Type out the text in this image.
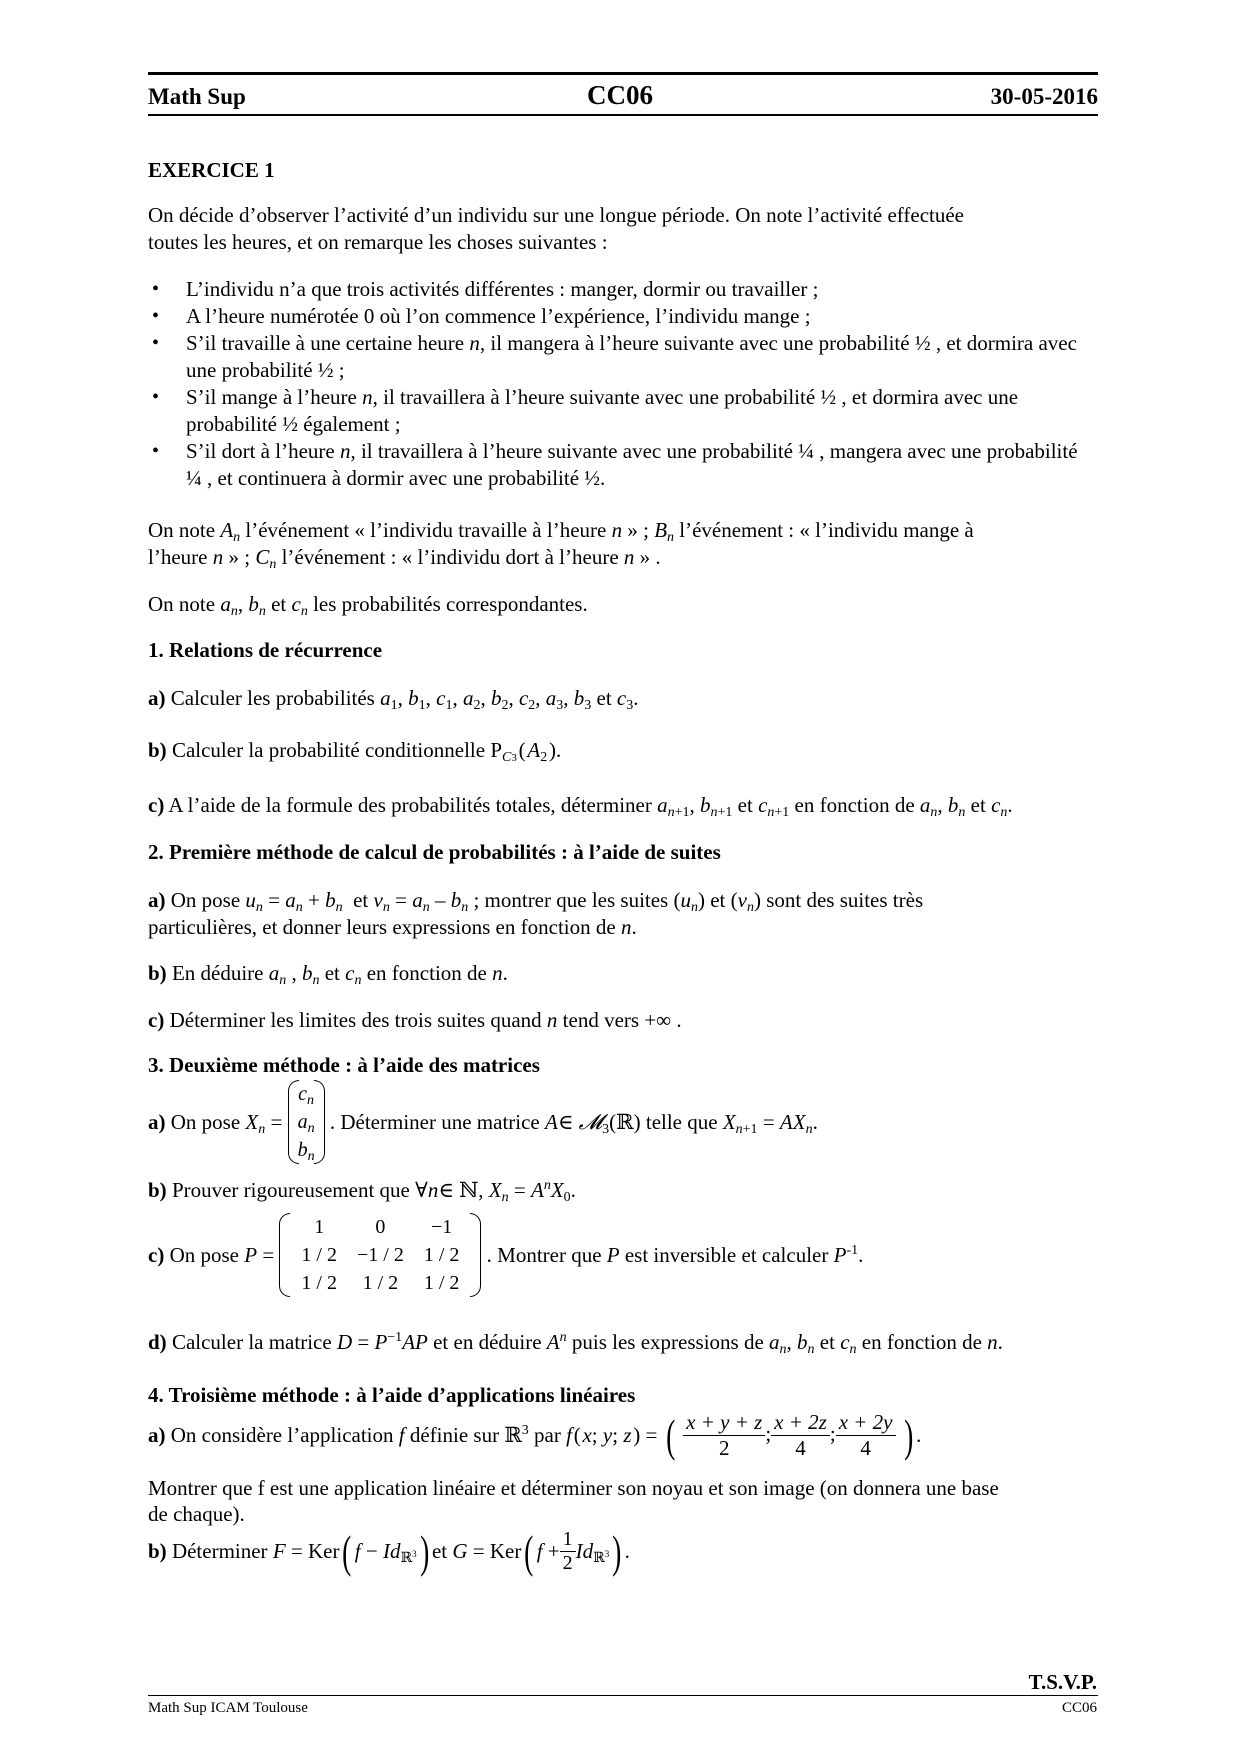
Math Sup	CC06	30-05-2016
EXERCICE 1
On décide d’observer l’activité d’un individu sur une longue période. On note l’activité effectuée
toutes les heures, et on remarque les choses suivantes :
• L’individu n’a que trois activités différentes : manger, dormir ou travailler ;
• A l’heure numérotée 0 où l’on commence l’expérience, l’individu mange ;
• S’il travaille à une certaine heure n, il mangera à l’heure suivante avec une probabilité ½ , et dormira avec une probabilité ½ ;
• S’il mange à l’heure n, il travaillera à l’heure suivante avec une probabilité ½ , et dormira avec une probabilité ½ également ;
• S’il dort à l’heure n, il travaillera à l’heure suivante avec une probabilité ¼ , mangera avec une probabilité ¼ , et continuera à dormir avec une probabilité ½.
On note $A_n$ l’événement « l’individu travaille à l’heure n » ; $B_n$ l’événement : « l’individu mange à
l’heure n » ; $C_n$ l’événement : « l’individu dort à l’heure n » .
On note $a_n$, $b_n$ et $c_n$ les probabilités correspondantes.
1. Relations de récurrence
a) Calculer les probabilités $a_1$, $b_1$, $c_1$, $a_2$, $b_2$, $c_2$, $a_3$, $b_3$ et $c_3$.
b) Calculer la probabilité conditionnelle $P_{C3}$ ( $A_2$ ).
c) A l’aide de la formule des probabilités totales, déterminer $a_{n+1}$, $b_{n+1}$ et $c_{n+1}$ en fonction de $a_n$, $b_n$ et $c_n$.
2. Première méthode de calcul de probabilités : à l’aide de suites
a) On pose $u_n = a_n + b_n$  et $v_n = a_n - b_n$ ; montrer que les suites $(u_n)$ et $(v_n)$ sont des suites très
particulières, et donner leurs expressions en fonction de n.
b) En déduire $a_n$ , $b_n$ et $c_n$ en fonction de n.
c) Déterminer les limites des trois suites quand n tend vers +∞ .
3. Deuxième méthode : à l’aide des matrices
a) On pose $X_n$ =
$c_n$
$a_n$
$b_n$
. Déterminer une matrice A∈ 𝓜$_3$(ℝ) telle que $X_{n+1} = AX_n$.
b) Prouver rigoureusement que ∀n∈ ℕ, $X_n = A^nX_0$.
c) On pose P =
1	0	−1
1 / 2	−1 / 2	1 / 2
1 / 2	1 / 2	1 / 2
. Montrer que P est inversible et calculer $P^{-1}$.
d) Calculer la matrice $D = P^{-1}AP$ et en déduire $A^n$ puis les expressions de $a_n$, $b_n$ et $c_n$ en fonction de n.
4. Troisième méthode : à l’aide d’applications linéaires
a) On considère l’application f définie sur ℝ$^3$ par f ( x; y; z ) = ( $\frac{x + y + z}{2}$ ; $\frac{x + 2z}{4}$ ; $\frac{x + 2y}{4}$ ) .
Montrer que f est une application linéaire et déterminer son noyau et son image (on donnera une base
de chaque).
b) Déterminer F = Ker( $f - Id_{ℝ^3})et$ G = Ker( $f + \frac{1}{2} Id_{ℝ^3}$) .
T.S.V.P.
Math Sup ICAM Toulouse	CC06
